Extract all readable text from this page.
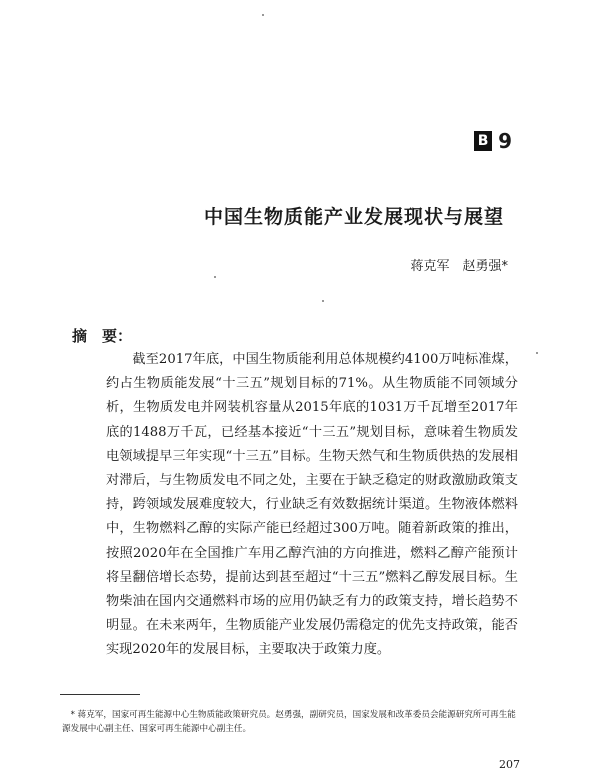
B 9
中国生物质能产业发展现状与展望
蒋克军　赵勇强*
摘　要：

截至2017年底，中国生物质能利用总体规模约4100万吨标准煤，约占生物质能发展“十三五”规划目标的71%。从生物质能不同领域分析，生物质发电并网装机容量从2015年底的1031万千瓦增至2017年底的1488万千瓦，已经基本接近“十三五”规划目标，意味着生物质发电领域提早三年实现“十三五”目标。生物天然气和生物质供热的发展相对滞后，与生物质发电不同之处，主要在于缺乏稳定的财政激励政策支持，跨领域发展难度较大，行业缺乏有效数据统计渠道。生物液体燃料中，生物燃料乙醇的实际产能已经超过300万吨。随着新政策的推出，按照2020年在全国推广车用乙醇汽油的方向推进，燃料乙醇产能预计将呈翻倍增长态势，提前达到甚至超过“十三五”燃料乙醇发展目标。生物柴油在国内交通燃料市场的应用仍缺乏有力的政策支持，增长趋势不明显。在未来两年，生物质能产业发展仍需稳定的优先支持政策，能否实现2020年的发展目标，主要取决于政策力度。

* 蒋克军，国家可再生能源中心生物质能政策研究员。赵勇强，副研究员，国家发展和改革委员会能源研究所可再生能源发展中心副主任、国家可再生能源中心副主任。

207
